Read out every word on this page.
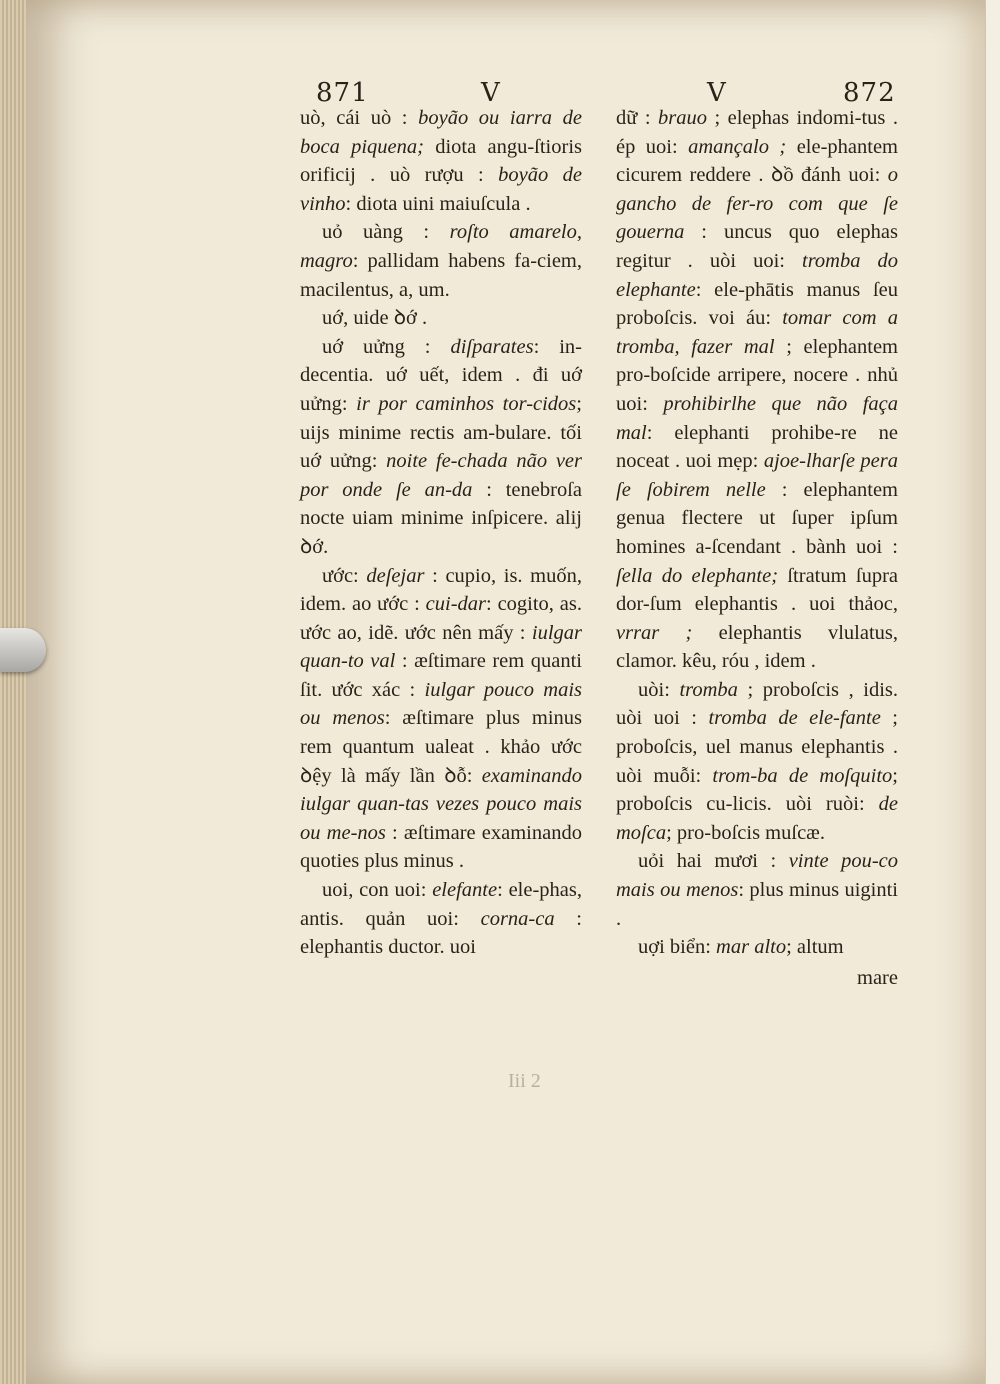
871	V	V	872

uò, cái uò : boyão ou iarra de boca piquena; diota angu-ſtioris orificij . uò rượu : boyão de vinho: diota uini maiuſcula .

uỏ uàng : roſto amarelo, magro: pallidam habens fa-ciem, macilentus, a, um.

uớ, uide ꝺớ .

uớ uửng : diſparates: in-decentia. uớ uết, idem . đi uớ uửng: ir por caminhos tor-cidos; uijs minime rectis am-bulare. tối uớ uửng: noite fe-chada não ver por onde ſe an-da : tenebroſa nocte uiam minime inſpicere. alij ꝺớ.

ước: deſejar : cupio, is. muốn, idem. ao ước : cui-dar: cogito, as. ước ao, idẽ. ước nên mấy : iulgar quan-to val : æſtimare rem quanti ſit. ước xác : iulgar pouco mais ou menos: æſtimare plus minus rem quantum ualeat . khảo ước ꝺệy là mấy lần ꝺỗ: examinando iulgar quan-tas vezes pouco mais ou me-nos : æſtimare examinando quoties plus minus .

uoi, con uoi: elefante: ele-phas, antis. quản uoi: corna-ca : elephantis ductor. uoi

dữ : brauo ; elephas indomi-tus . ép uoi: amançalo ; ele-phantem cicurem reddere . ꝺồ đánh uoi: o gancho de fer-ro com que ſe gouerna : uncus quo elephas regitur . uòi uoi: tromba do elephante: ele-phātis manus ſeu proboſcis. voi áu: tomar com a tromba, fazer mal ; elephantem pro-boſcide arripere, nocere . nhủ uoi: prohibirlhe que não faça mal: elephanti prohibe-re ne noceat . uoi mẹp: ajoe-lharſe pera ſe ſobirem nelle : elephantem genua flectere ut ſuper ipſum homines a-ſcendant . bành uoi : ſella do elephante; ſtratum ſupra dor-ſum elephantis . uoi thảoc, vrrar ; elephantis vlulatus, clamor. kêu, róu , idem .

uòi: tromba ; proboſcis , idis. uòi uoi : tromba de ele-fante ; proboſcis, uel manus elephantis . uòi muỗi: trom-ba de moſquito; proboſcis cu-licis. uòi ruòi: de moſca; pro-boſcis muſcæ.

uỏi hai mươi : vinte pou-co mais ou menos: plus minus uiginti .

uợi biển: mar alto; altum

mare

Iii 2
